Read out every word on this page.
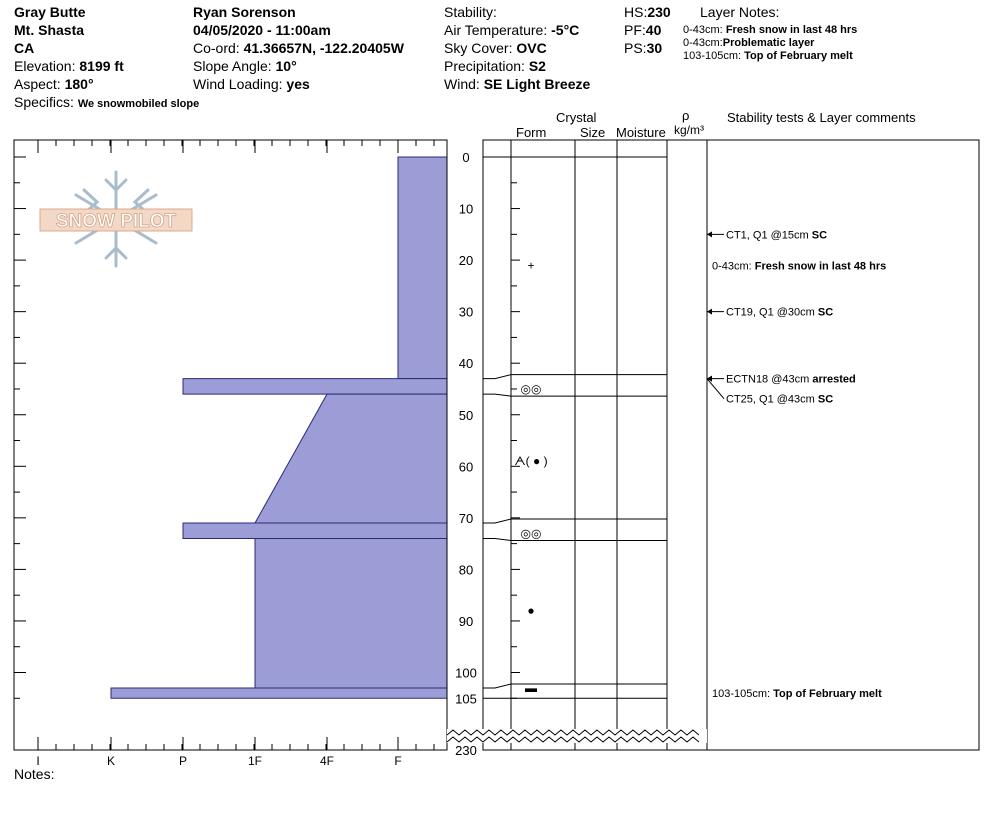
Gray Butte
Mt. Shasta
CA
Elevation: 8199 ft
Aspect: 180°
Specifics: We snowmobiled slope
Ryan Sorenson
04/05/2020 - 11:00am
Co-ord: 41.36657N, -122.20405W
Slope Angle: 10°
Wind Loading: yes
Stability:
Air Temperature: -5°C
Sky Cover: OVC
Precipitation: S2
Wind: SE Light Breeze
HS:230
PF:40
PS:30
Layer Notes:
0-43cm: Fresh snow in last 48 hrs
0-43cm:Problematic layer
103-105cm: Top of February melt
Crystal
Form	Size Moisture
ρ
kg/m³
Stability tests & Layer comments
Notes:
I	K	P	1F	4F	F
0
10
20
30
40
50
60
70
80
90
100
105
230
+
◎◎
ᗅ( ● )
◎◎
●
▬
CT1, Q1 @15cm SC
CT19, Q1 @30cm SC
ECTN18 @43cm arrested
CT25, Q1 @43cm SC
0-43cm: Fresh snow in last 48 hrs
103-105cm: Top of February melt
SNOW PILOT
